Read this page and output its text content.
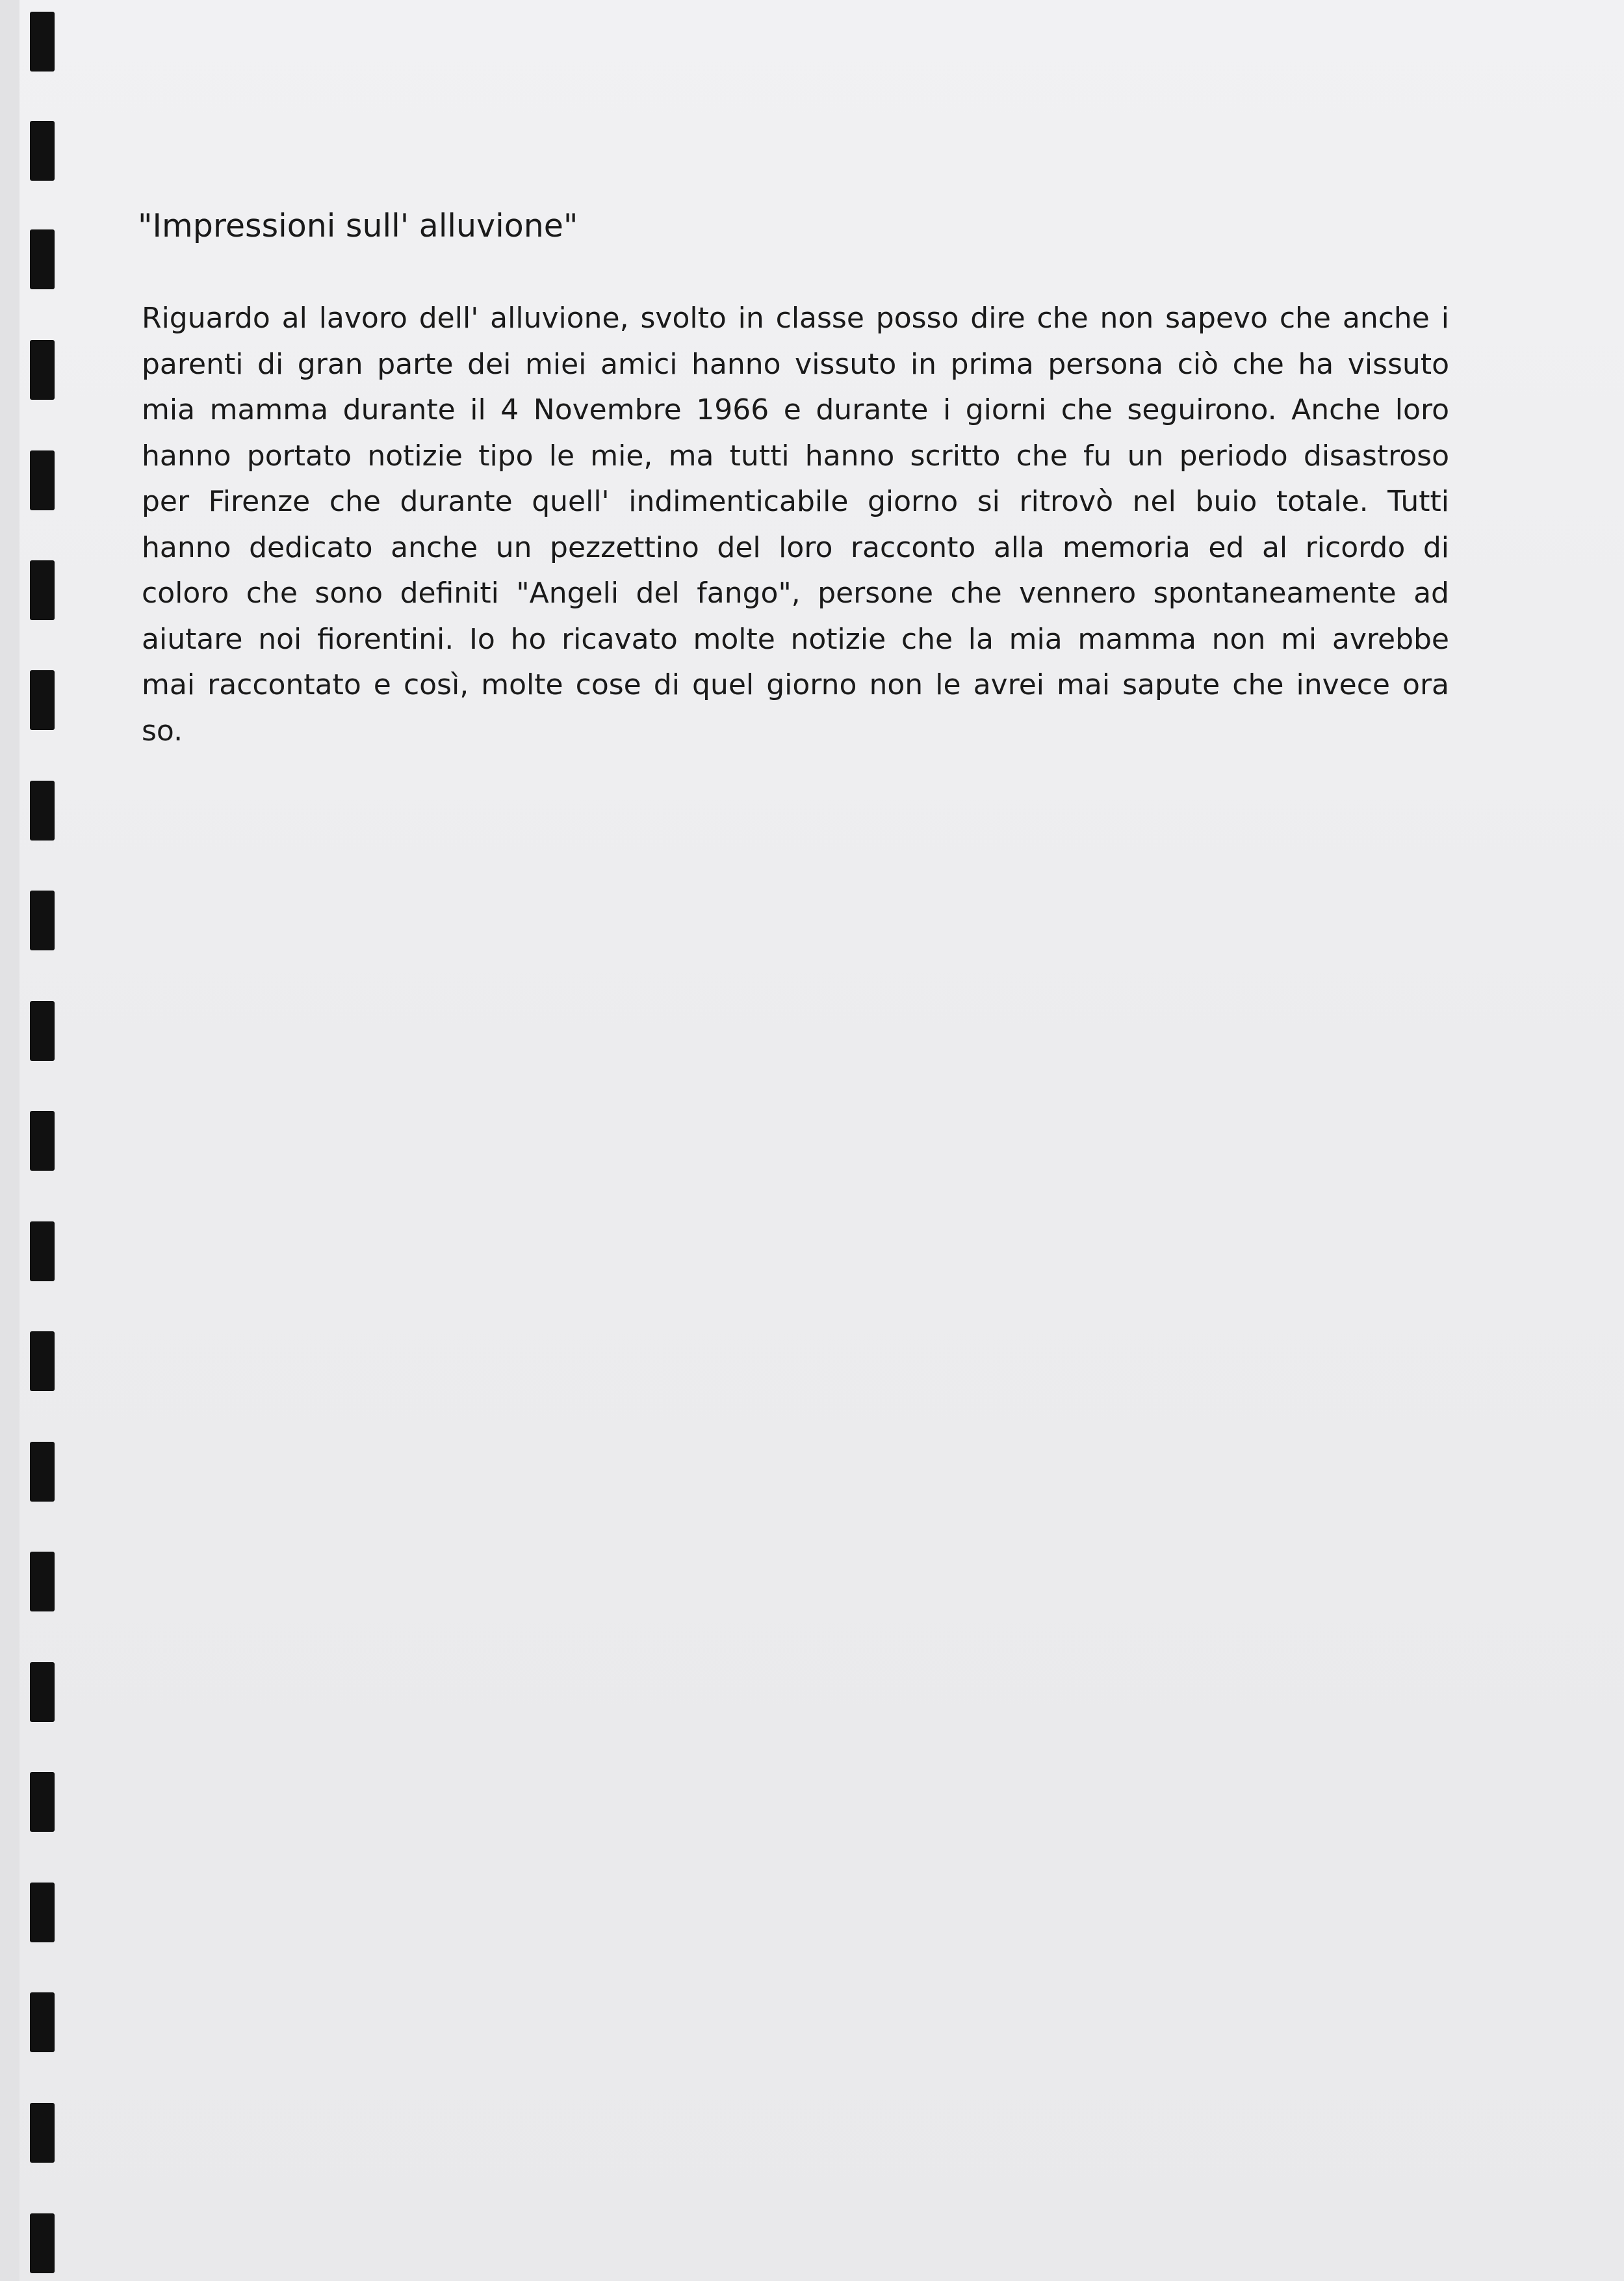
"Impressioni sull' alluvione"
Riguardo al lavoro dell' alluvione, svolto in classe posso dire che non sapevo che anche i
parenti di gran parte dei miei amici hanno vissuto in prima persona ciò che ha vissuto
mia mamma durante il 4 Novembre 1966 e durante i giorni che seguirono. Anche loro
hanno portato notizie tipo le mie, ma tutti hanno scritto che fu un periodo disastroso
per Firenze che durante quell' indimenticabile giorno si ritrovò nel buio totale. Tutti
hanno dedicato anche un pezzettino del loro racconto alla memoria ed al ricordo di
coloro che sono definiti "Angeli del fango", persone che vennero spontaneamente ad
aiutare noi fiorentini. Io ho ricavato molte notizie che la mia mamma non mi avrebbe
mai raccontato e così, molte cose di quel giorno non le avrei mai sapute che invece ora
so.
